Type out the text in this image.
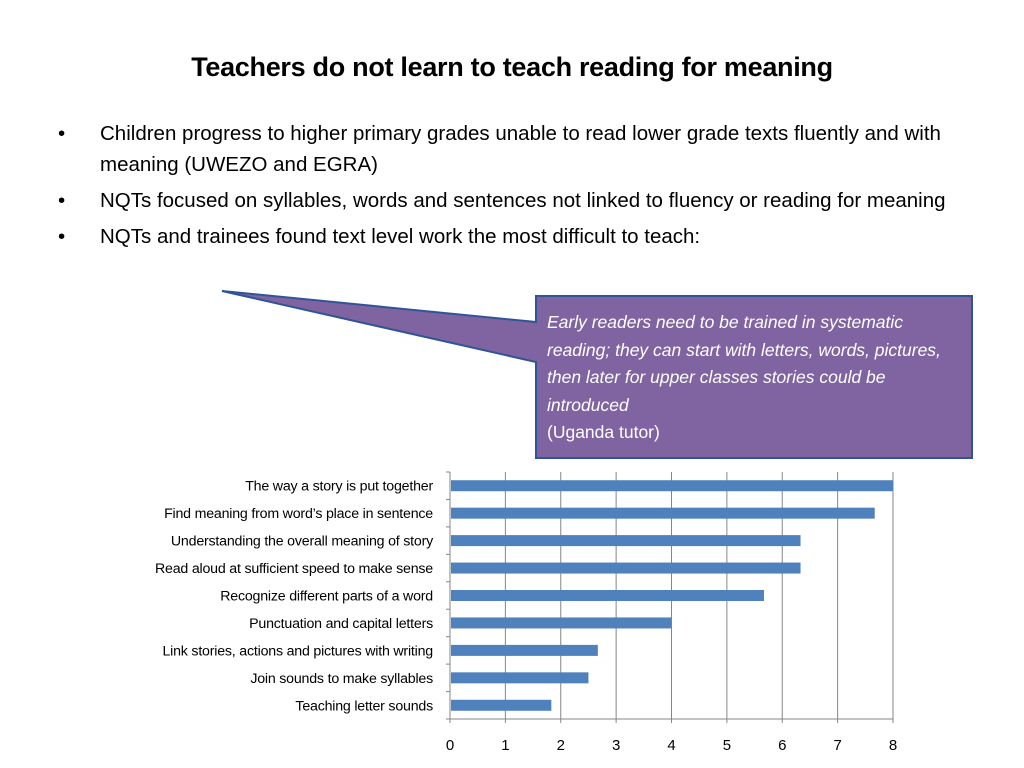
Teachers do not learn to teach reading for meaning
• Children progress to higher primary grades unable to read lower grade texts fluently and with meaning (UWEZO and EGRA)
• NQTs focused on syllables, words and sentences not linked to fluency or reading for meaning
• NQTs and trainees found text level work the most difficult to teach:
Early readers need to be trained in systematic reading; they can start with letters, words, pictures, then later for upper classes stories could be introduced
(Uganda tutor)
0	1	2	3	4	5	6	7	8
The way a story is put together
Find meaning from word’s place in sentence
Understanding the overall meaning of story
Read aloud at sufficient speed to make sense
Recognize different parts of a word
Punctuation and capital letters
Link stories, actions and pictures with writing
Join sounds to make syllables
Teaching letter sounds
